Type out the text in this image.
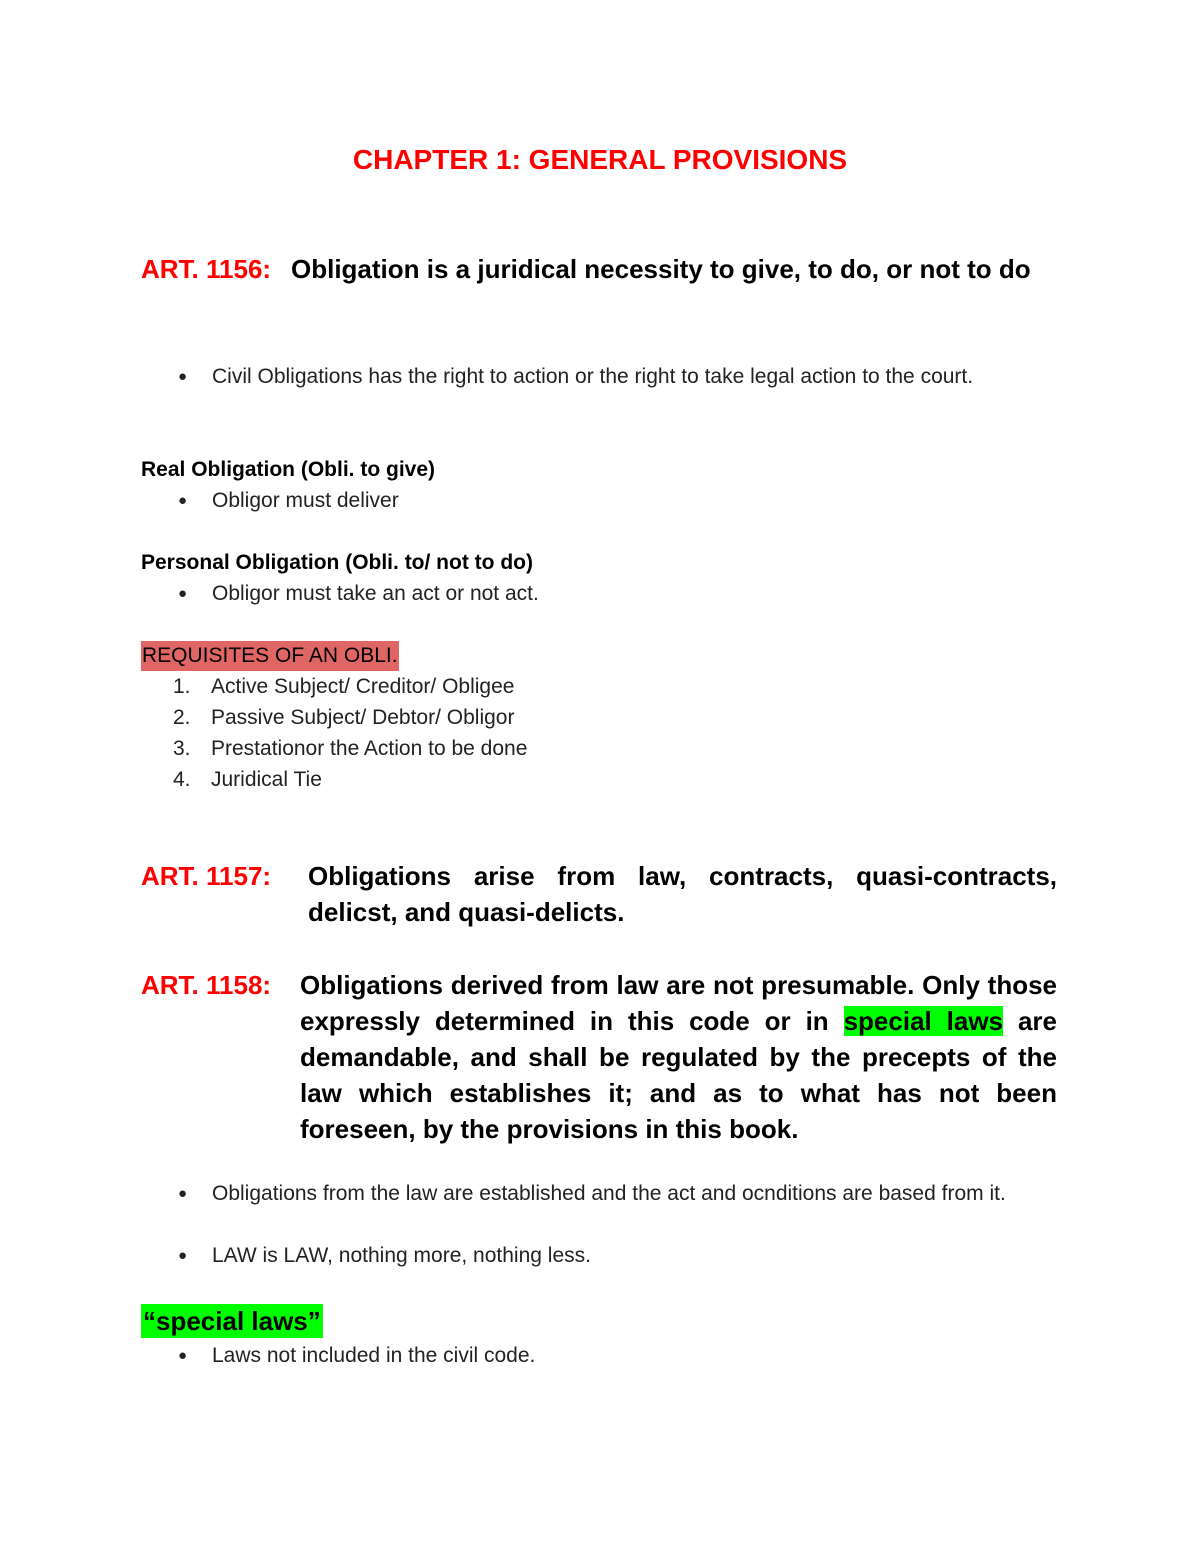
CHAPTER 1: GENERAL PROVISIONS
ART. 1156: Obligation is a juridical necessity to give, to do, or not to do
●	Civil Obligations has the right to action or the right to take legal action to the court.
Real Obligation (Obli. to give)
●	Obligor must deliver
Personal Obligation (Obli. to/ not to do)
●	Obligor must take an act or not act.
REQUISITES OF AN OBLI.
1. Active Subject/ Creditor/ Obligee
2. Passive Subject/ Debtor/ Obligor
3. Prestationor the Action to be done
4. Juridical Tie
ART. 1157:	Obligations arise from law, contracts, quasi-contracts, delicst, and quasi-delicts.
ART. 1158:	Obligations derived from law are not presumable. Only those expressly determined in this code or in special laws are demandable, and shall be regulated by the precepts of the law which establishes it; and as to what has not been foreseen, by the provisions in this book.
●	Obligations from the law are established and the act and ocnditions are based from it.
●	LAW is LAW, nothing more, nothing less.
“special laws”
●	Laws not included in the civil code.
